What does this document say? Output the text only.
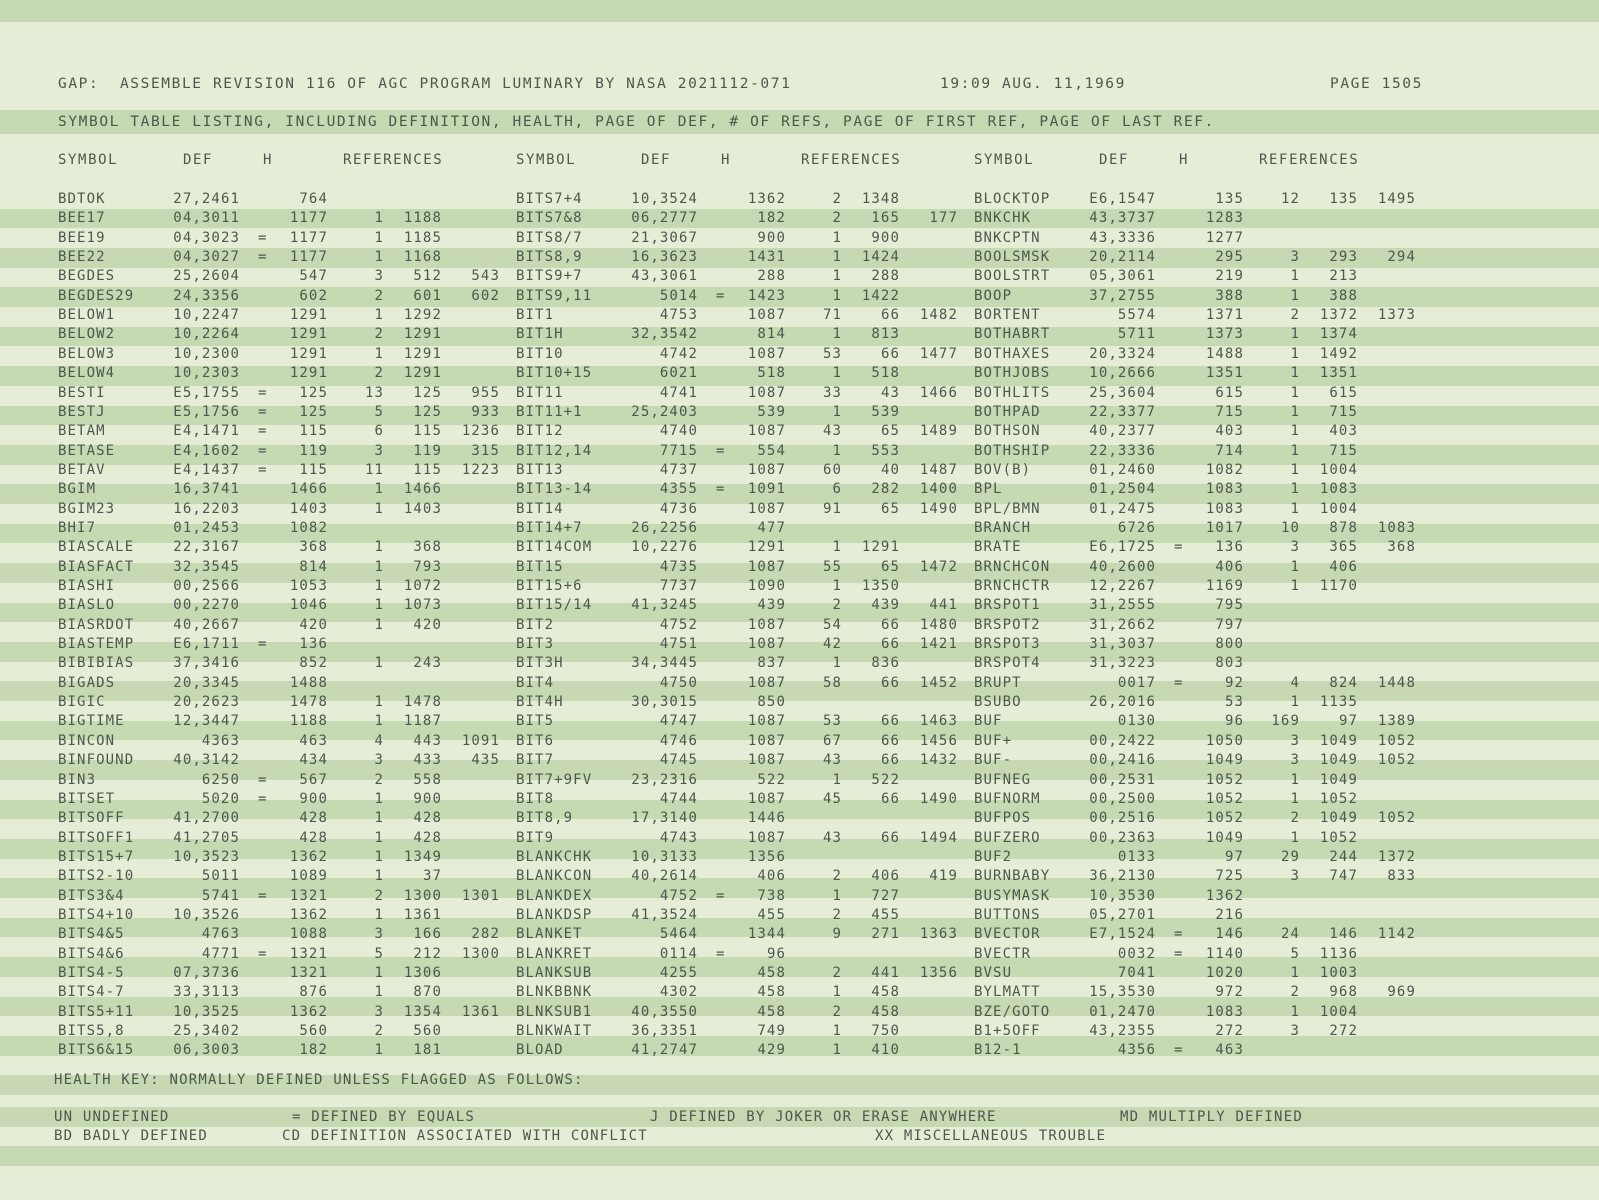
GAP:  ASSEMBLE REVISION 116 OF AGC PROGRAM LUMINARY BY NASA 2021112-071	19:09 AUG. 11,1969	PAGE 1505
SYMBOL TABLE LISTING, INCLUDING DEFINITION, HEALTH, PAGE OF DEF, # OF REFS, PAGE OF FIRST REF, PAGE OF LAST REF.
SYMBOL	DEF	H	REFERENCES	SYMBOL	DEF	H	REFERENCES	SYMBOL	DEF	H	REFERENCES
BDTOK	27,2461	764
BEE17	04,3011	1177	1	1188
BEE19	04,3023 =	1177	1	1185
BEE22	04,3027 =	1177	1	1168
BEGDES	25,2604	547	3	512	543
BEGDES29	24,3356	602	2	601	602
BELOW1	10,2247	1291	1	1292
BELOW2	10,2264	1291	2	1291
BELOW3	10,2300	1291	1	1291
BELOW4	10,2303	1291	2	1291
BESTI	E5,1755 =	125	13	125	955
BESTJ	E5,1756 =	125	5	125	933
BETAM	E4,1471 =	115	6	115	1236
BETASE	E4,1602 =	119	3	119	315
BETAV	E4,1437 =	115	11	115	1223
BGIM	16,3741	1466	1	1466
BGIM23	16,2203	1403	1	1403
BHI7	01,2453	1082
BIASCALE	22,3167	368	1	368
BIASFACT	32,3545	814	1	793
BIASHI	00,2566	1053	1	1072
BIASLO	00,2270	1046	1	1073
BIASRDOT	40,2667	420	1	420
BIASTEMP	E6,1711 =	136
BIBIBIAS	37,3416	852	1	243
BIGADS	20,3345	1488
BIGIC	20,2623	1478	1	1478
BIGTIME	12,3447	1188	1	1187
BINCON	4363	463	4	443	1091
BINFOUND	40,3142	434	3	433	435
BIN3	6250 =	567	2	558
BITSET	5020 =	900	1	900
BITSOFF	41,2700	428	1	428
BITSOFF1	41,2705	428	1	428
BITS15+7	10,3523	1362	1	1349
BITS2-10	5011	1089	1	37
BITS3&4	5741 =	1321	2	1300	1301
BITS4+10	10,3526	1362	1	1361
BITS4&5	4763	1088	3	166	282
BITS4&6	4771 =	1321	5	212	1300
BITS4-5	07,3736	1321	1	1306
BITS4-7	33,3113	876	1	870
BITS5+11	10,3525	1362	3	1354	1361
BITS5,8	25,3402	560	2	560
BITS6&15	06,3003	182	1	181
BITS7+4	10,3524	1362	2	1348
BITS7&8	06,2777	182	2	165	177
BITS8/7	21,3067	900	1	900
BITS8,9	16,3623	1431	1	1424
BITS9+7	43,3061	288	1	288
BITS9,11	5014 =	1423	1	1422
BIT1	4753	1087	71	66	1482
BIT1H	32,3542	814	1	813
BIT10	4742	1087	53	66	1477
BIT10+15	6021	518	1	518
BIT11	4741	1087	33	43	1466
BIT11+1	25,2403	539	1	539
BIT12	4740	1087	43	65	1489
BIT12,14	7715 =	554	1	553
BIT13	4737	1087	60	40	1487
BIT13-14	4355 =	1091	6	282	1400
BIT14	4736	1087	91	65	1490
BIT14+7	26,2256	477
BIT14COM	10,2276	1291	1	1291
BIT15	4735	1087	55	65	1472
BIT15+6	7737	1090	1	1350
BIT15/14	41,3245	439	2	439	441
BIT2	4752	1087	54	66	1480
BIT3	4751	1087	42	66	1421
BIT3H	34,3445	837	1	836
BIT4	4750	1087	58	66	1452
BIT4H	30,3015	850
BIT5	4747	1087	53	66	1463
BIT6	4746	1087	67	66	1456
BIT7	4745	1087	43	66	1432
BIT7+9FV	23,2316	522	1	522
BIT8	4744	1087	45	66	1490
BIT8,9	17,3140	1446
BIT9	4743	1087	43	66	1494
BLANKCHK	10,3133	1356
BLANKCON	40,2614	406	2	406	419
BLANKDEX	4752 =	738	1	727
BLANKDSP	41,3524	455	2	455
BLANKET	5464	1344	9	271	1363
BLANKRET	0114 =	96
BLANKSUB	4255	458	2	441	1356
BLNKBBNK	4302	458	1	458
BLNKSUB1	40,3550	458	2	458
BLNKWAIT	36,3351	749	1	750
BLOAD	41,2747	429	1	410
BLOCKTOP	E6,1547	135	12	135	1495
BNKCHK	43,3737	1283
BNKCPTN	43,3336	1277
BOOLSMSK	20,2114	295	3	293	294
BOOLSTRT	05,3061	219	1	213
BOOP	37,2755	388	1	388
BORTENT	5574	1371	2	1372	1373
BOTHABRT	5711	1373	1	1374
BOTHAXES	20,3324	1488	1	1492
BOTHJOBS	10,2666	1351	1	1351
BOTHLITS	25,3604	615	1	615
BOTHPAD	22,3377	715	1	715
BOTHSON	40,2377	403	1	403
BOTHSHIP	22,3336	714	1	715
BOV(B)	01,2460	1082	1	1004
BPL	01,2504	1083	1	1083
BPL/BMN	01,2475	1083	1	1004
BRANCH	6726	1017	10	878	1083
BRATE	E6,1725 =	136	3	365	368
BRNCHCON	40,2600	406	1	406
BRNCHCTR	12,2267	1169	1	1170
BRSPOT1	31,2555	795
BRSPOT2	31,2662	797
BRSPOT3	31,3037	800
BRSPOT4	31,3223	803
BRUPT	0017 =	92	4	824	1448
BSUBO	26,2016	53	1	1135
BUF	0130	96	169	97	1389
BUF+	00,2422	1050	3	1049	1052
BUF-	00,2416	1049	3	1049	1052
BUFNEG	00,2531	1052	1	1049
BUFNORM	00,2500	1052	1	1052
BUFPOS	00,2516	1052	2	1049	1052
BUFZERO	00,2363	1049	1	1052
BUF2	0133	97	29	244	1372
BURNBABY	36,2130	725	3	747	833
BUSYMASK	10,3530	1362
BUTTONS	05,2701	216
BVECTOR	E7,1524 =	146	24	146	1142
BVECTR	0032 =	1140	5	1136
BVSU	7041	1020	1	1003
BYLMATT	15,3530	972	2	968	969
BZE/GOTO	01,2470	1083	1	1004
B1+5OFF	43,2355	272	3	272
B12-1	4356 =	463
HEALTH KEY: NORMALLY DEFINED UNLESS FLAGGED AS FOLLOWS:
UN UNDEFINED	= DEFINED BY EQUALS	J DEFINED BY JOKER OR ERASE ANYWHERE	MD MULTIPLY DEFINED
BD BADLY DEFINED	CD DEFINITION ASSOCIATED WITH CONFLICT	XX MISCELLANEOUS TROUBLE
